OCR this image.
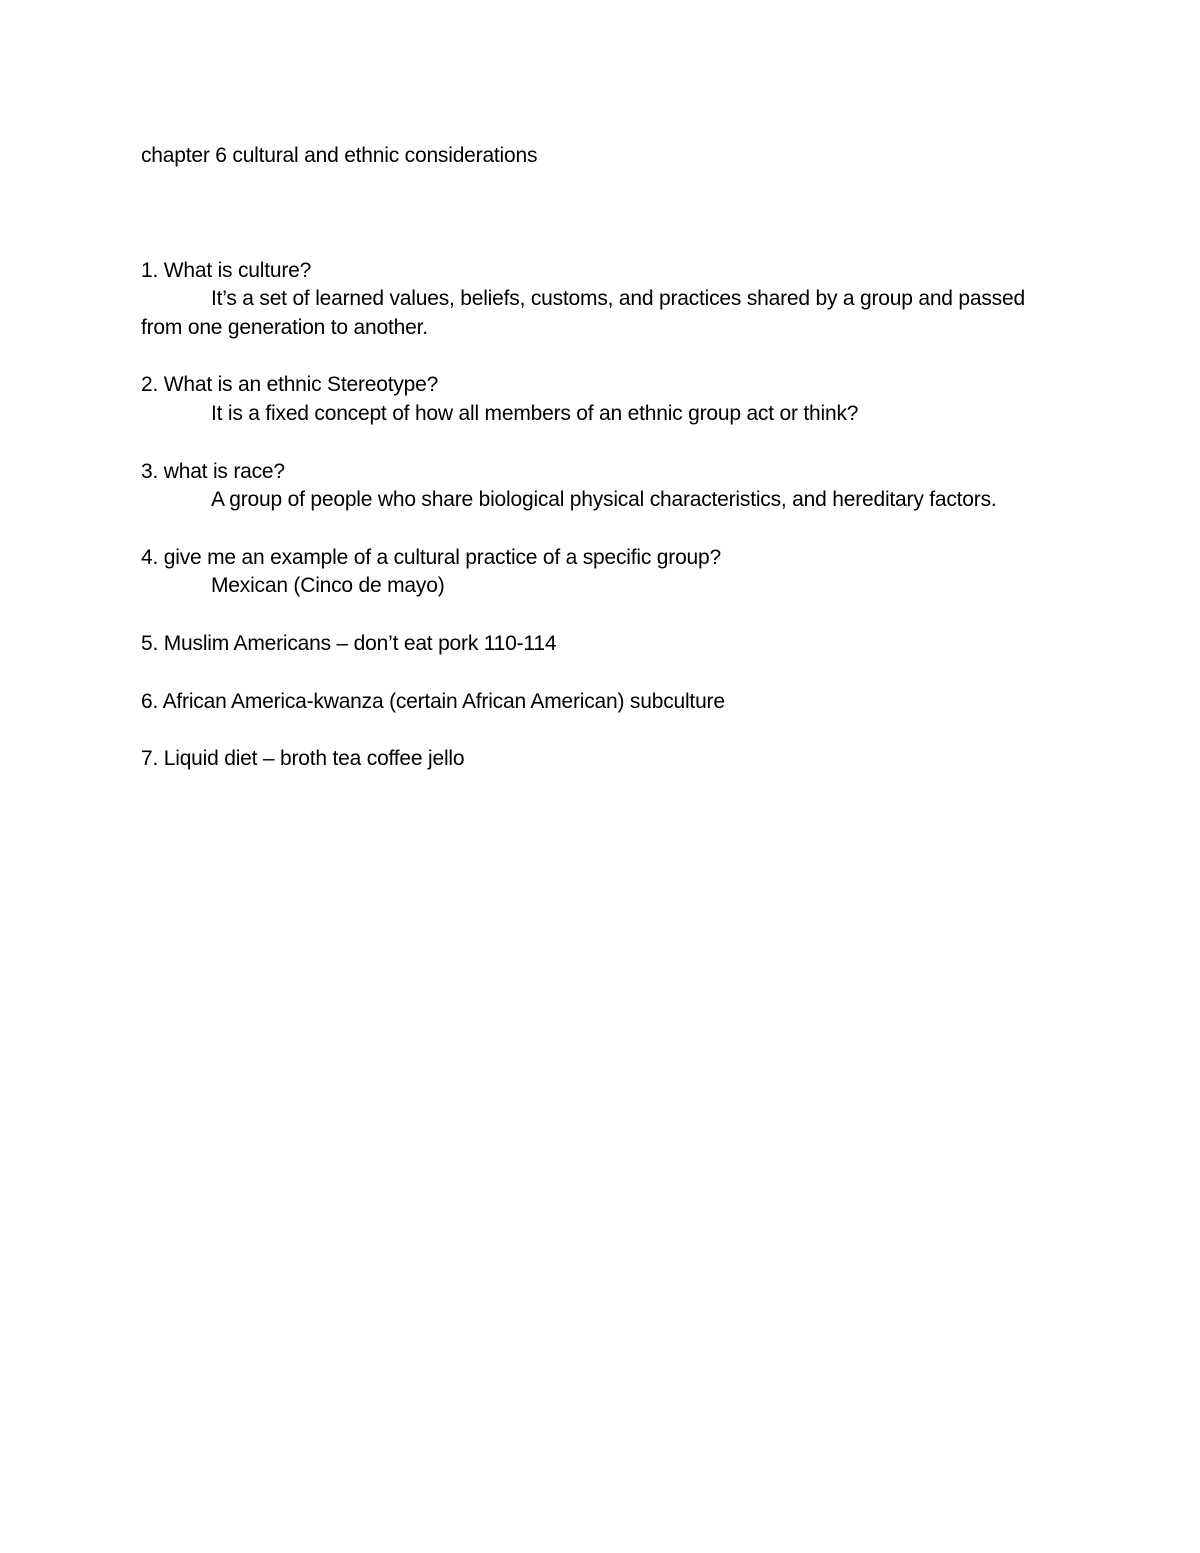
chapter 6 cultural and ethnic considerations

1. What is culture?
It’s a set of learned values, beliefs, customs, and practices shared by a group and passed from one generation to another.
2. What is an ethnic Stereotype?
It is a fixed concept of how all members of an ethnic group act or think?
3. what is race?
A group of people who share biological physical characteristics, and hereditary factors.
4. give me an example of a cultural practice of a specific group?
Mexican (Cinco de mayo)
5. Muslim Americans – don’t eat pork 110-114
6. African America-kwanza (certain African American) subculture
7. Liquid diet – broth tea coffee jello
